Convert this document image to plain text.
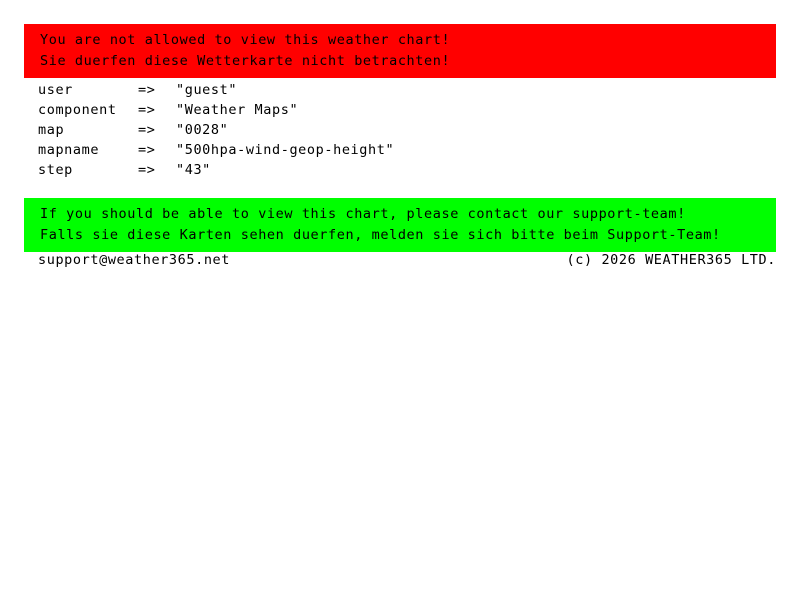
You are not allowed to view this weather chart!
Sie duerfen diese Wetterkarte nicht betrachten!
user	=>	"guest"
component	=>	"Weather Maps"
map	=>	"0028"
mapname	=>	"500hpa-wind-geop-height"
step	=>	"43"
If you should be able to view this chart, please contact our support-team!
Falls sie diese Karten sehen duerfen, melden sie sich bitte beim Support-Team!
support@weather365.net	(c) 2026 WEATHER365 LTD.
